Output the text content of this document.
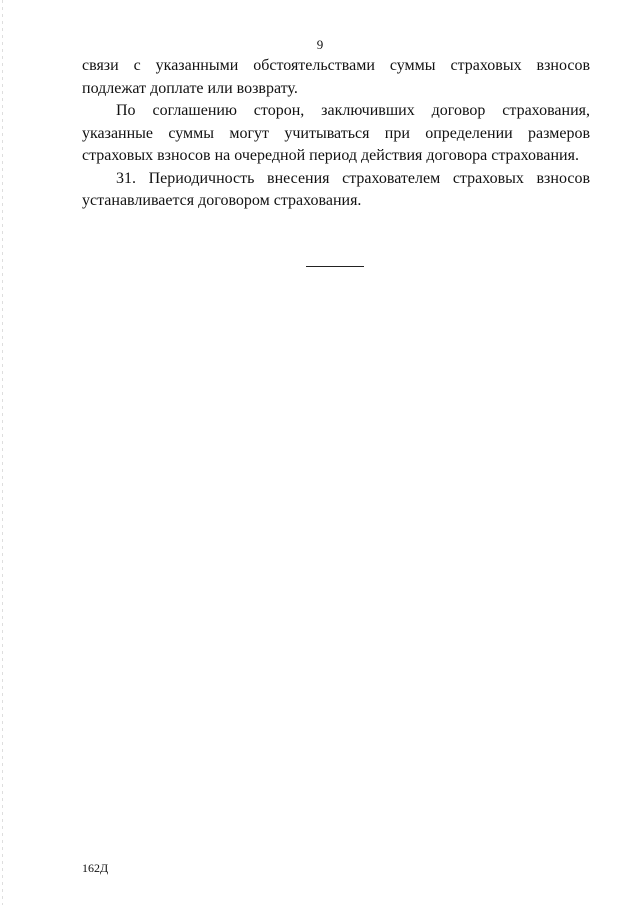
9

связи с указанными обстоятельствами суммы страховых взносов подлежат доплате или возврату.

По соглашению сторон, заключивших договор страхования, указанные суммы могут учитываться при определении размеров страховых взносов на очередной период действия договора страхования.

31. Периодичность внесения страхователем страховых взносов устанавливается договором страхования.

162Д
